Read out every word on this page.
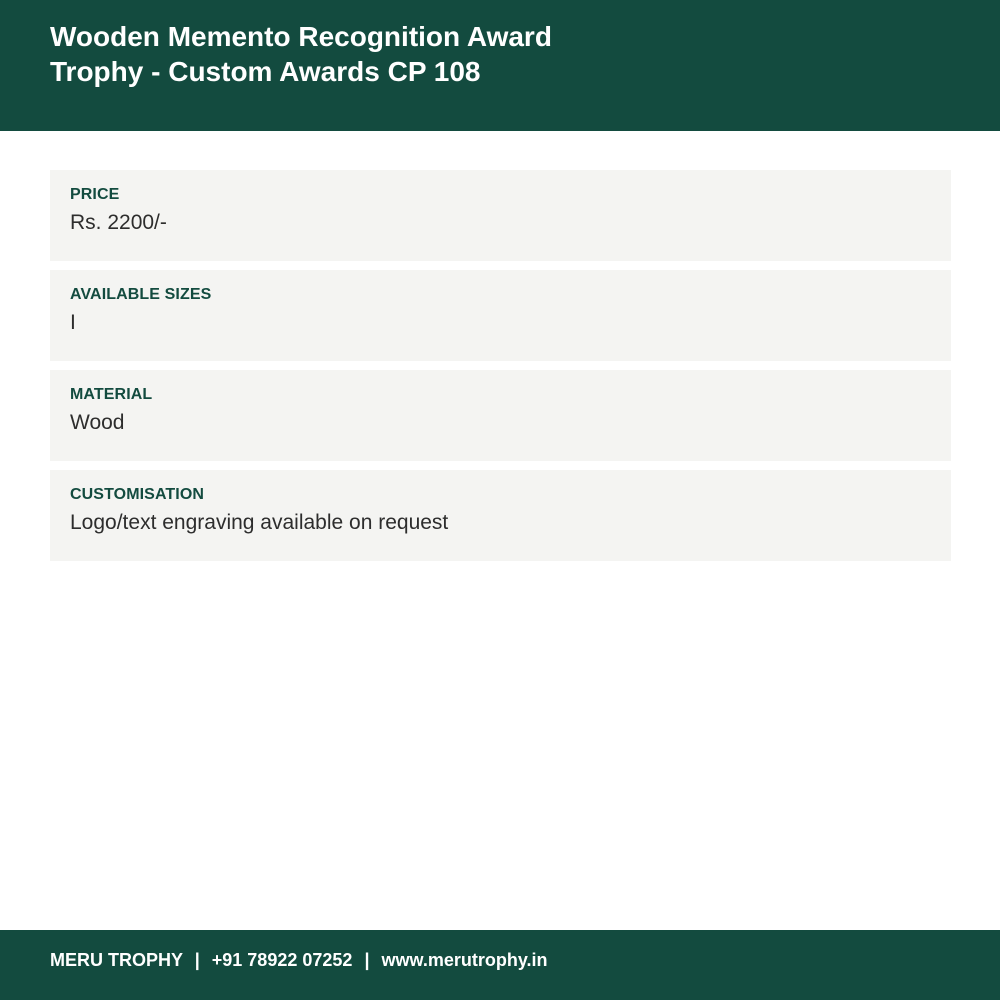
Wooden Memento Recognition Award
Trophy - Custom Awards CP 108
PRICE
Rs. 2200/-
AVAILABLE SIZES
I
MATERIAL
Wood
CUSTOMISATION
Logo/text engraving available on request
MERU TROPHY | +91 78922 07252 | www.merutrophy.in
